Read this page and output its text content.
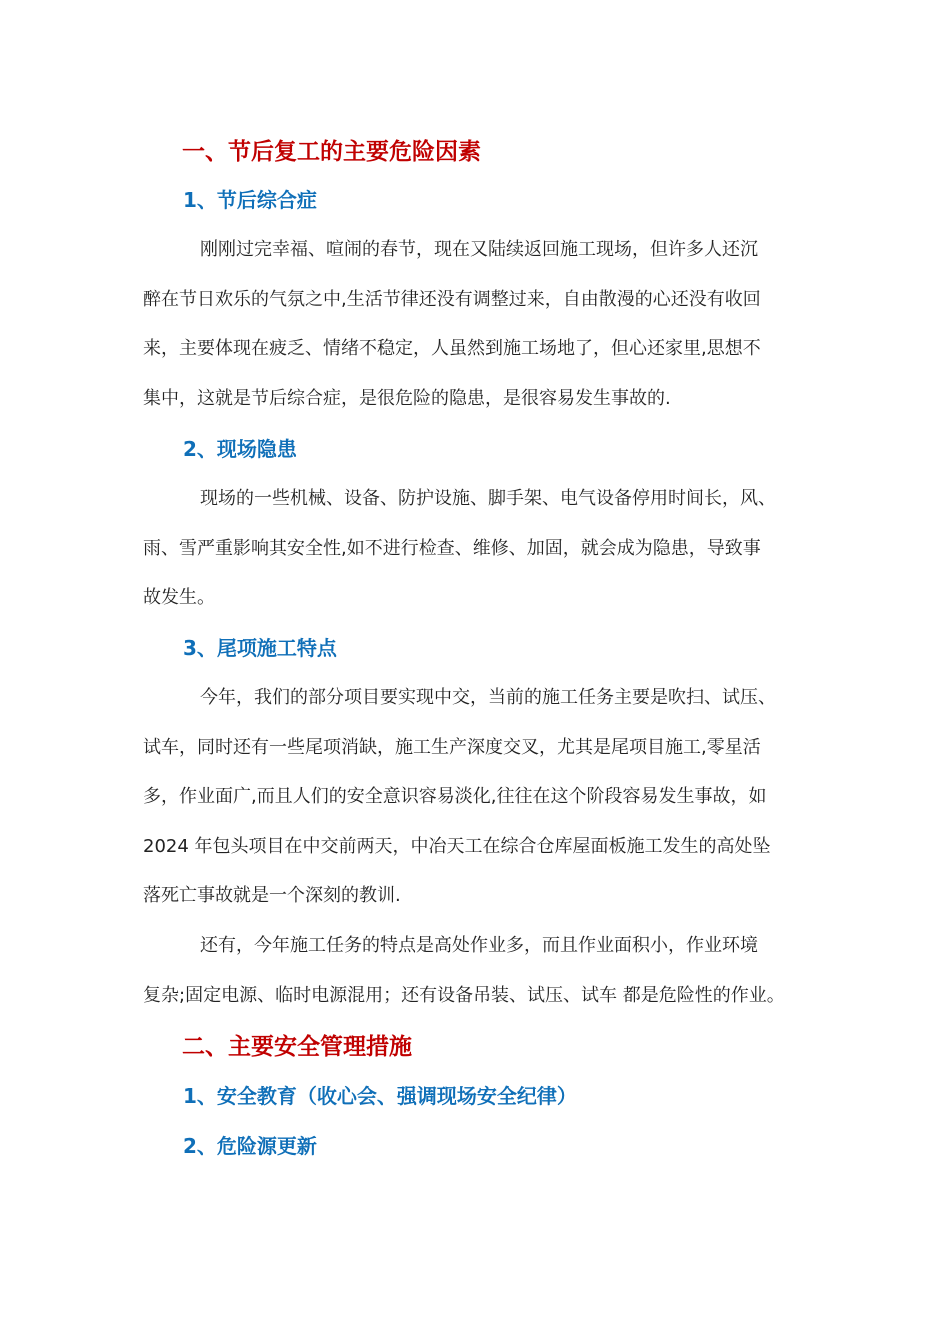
一、节后复工的主要危险因素
1、节后综合症
刚刚过完幸福、喧闹的春节，现在又陆续返回施工现场，但许多人还沉
醉在节日欢乐的气氛之中,生活节律还没有调整过来，自由散漫的心还没有收回
来，主要体现在疲乏、情绪不稳定，人虽然到施工场地了，但心还家里,思想不
集中，这就是节后综合症，是很危险的隐患，是很容易发生事故的.
2、现场隐患
现场的一些机械、设备、防护设施、脚手架、电气设备停用时间长，风、
雨、雪严重影响其安全性,如不进行检查、维修、加固，就会成为隐患，导致事
故发生。
3、尾项施工特点
今年，我们的部分项目要实现中交，当前的施工任务主要是吹扫、试压、
试车，同时还有一些尾项消缺，施工生产深度交叉，尤其是尾项目施工,零星活
多，作业面广,而且人们的安全意识容易淡化,往往在这个阶段容易发生事故，如
2024 年包头项目在中交前两天，中冶天工在综合仓库屋面板施工发生的高处坠
落死亡事故就是一个深刻的教训.
还有，今年施工任务的特点是高处作业多，而且作业面积小，作业环境
复杂;固定电源、临时电源混用；还有设备吊装、试压、试车 都是危险性的作业。
二、主要安全管理措施
1、安全教育（收心会、强调现场安全纪律）
2、危险源更新
